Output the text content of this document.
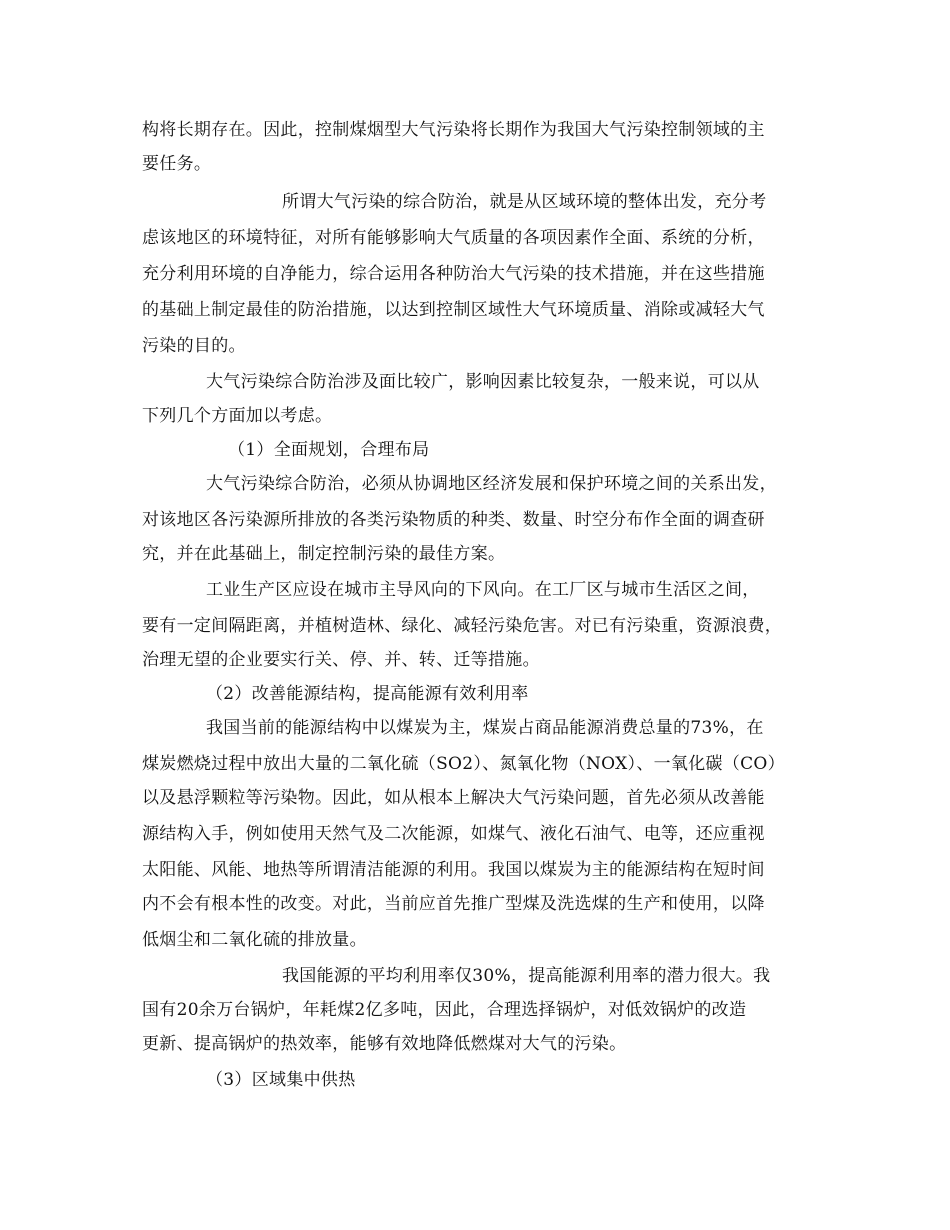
构将长期存在。因此，控制煤烟型大气污染将长期作为我国大气污染控制领域的主
要任务。
所谓大气污染的综合防治，就是从区域环境的整体出发，充分考
虑该地区的环境特征，对所有能够影响大气质量的各项因素作全面、系统的分析，
充分利用环境的自净能力，综合运用各种防治大气污染的技术措施，并在这些措施
的基础上制定最佳的防治措施，以达到控制区域性大气环境质量、消除或减轻大气
污染的目的。
大气污染综合防治涉及面比较广，影响因素比较复杂，一般来说，可以从
下列几个方面加以考虑。
（1）全面规划，合理布局
大气污染综合防治，必须从协调地区经济发展和保护环境之间的关系出发，
对该地区各污染源所排放的各类污染物质的种类、数量、时空分布作全面的调查研
究，并在此基础上，制定控制污染的最佳方案。
工业生产区应设在城市主导风向的下风向。在工厂区与城市生活区之间，
要有一定间隔距离，并植树造林、绿化、减轻污染危害。对已有污染重，资源浪费，
治理无望的企业要实行关、停、并、转、迁等措施。
（2）改善能源结构，提高能源有效利用率
我国当前的能源结构中以煤炭为主，煤炭占商品能源消费总量的73%，在
煤炭燃烧过程中放出大量的二氧化硫（SO2）、氮氧化物（NOX）、一氧化碳（CO）
以及悬浮颗粒等污染物。因此，如从根本上解决大气污染问题，首先必须从改善能
源结构入手，例如使用天然气及二次能源，如煤气、液化石油气、电等，还应重视
太阳能、风能、地热等所谓清洁能源的利用。我国以煤炭为主的能源结构在短时间
内不会有根本性的改变。对此，当前应首先推广型煤及洗选煤的生产和使用，以降
低烟尘和二氧化硫的排放量。
我国能源的平均利用率仅30%，提高能源利用率的潜力很大。我
国有20余万台锅炉，年耗煤2亿多吨，因此，合理选择锅炉，对低效锅炉的改造
更新、提高锅炉的热效率，能够有效地降低燃煤对大气的污染。
（3）区域集中供热
